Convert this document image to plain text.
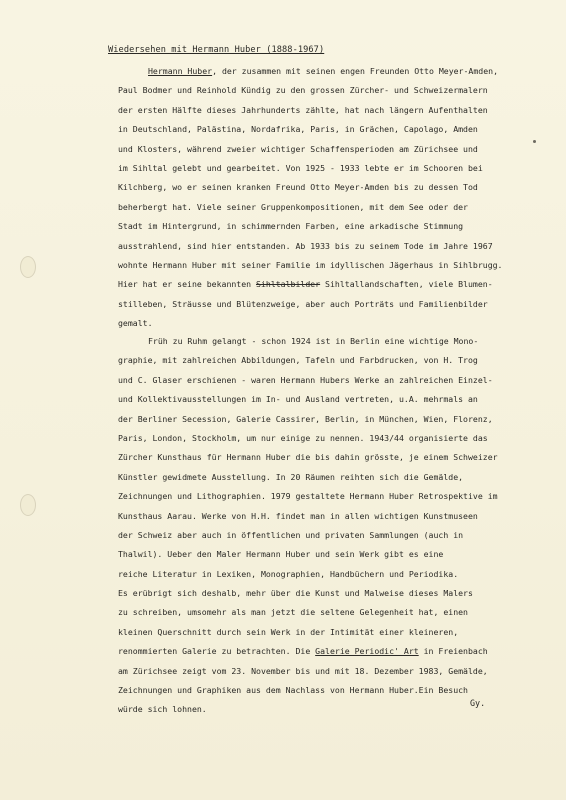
Wiedersehen mit Hermann Huber (1888-1967)
Hermann Huber, der zusammen mit seinen engen Freunden Otto Meyer-Amden,
Paul Bodmer und Reinhold Kündig zu den grossen Zürcher- und Schweizermalern
der ersten Hälfte dieses Jahrhunderts zählte, hat nach längern Aufenthalten
in Deutschland, Palästina, Nordafrika, Paris, in Grächen, Capolago, Amden
und Klosters, während zweier wichtiger Schaffensperioden am Zürichsee und
im Sihltal gelebt und gearbeitet. Von 1925 - 1933 lebte er im Schooren bei
Kilchberg, wo er seinen kranken Freund Otto Meyer-Amden bis zu dessen Tod
beherbergt hat. Viele seiner Gruppenkompositionen, mit dem See oder der
Stadt im Hintergrund, in schimmernden Farben, eine arkadische Stimmung
ausstrahlend, sind hier entstanden. Ab 1933 bis zu seinem Tode im Jahre 1967
wohnte Hermann Huber mit seiner Familie im idyllischen Jägerhaus in Sihlbrugg.
Hier hat er seine bekannten Sihltalbilder Sihltallandschaften, viele Blumen-
stilleben, Sträusse und Blütenzweige, aber auch Porträts und Familienbilder
gemalt.
Früh zu Ruhm gelangt - schon 1924 ist in Berlin eine wichtige Mono-
graphie, mit zahlreichen Abbildungen, Tafeln und Farbdrucken, von H. Trog
und C. Glaser erschienen - waren Hermann Hubers Werke an zahlreichen Einzel-
und Kollektivausstellungen im In- und Ausland vertreten, u.A. mehrmals an
der Berliner Secession, Galerie Cassirer, Berlin, in München, Wien, Florenz,
Paris, London, Stockholm, um nur einige zu nennen. 1943/44 organisierte das
Zürcher Kunsthaus für Hermann Huber die bis dahin grösste, je einem Schweizer
Künstler gewidmete Ausstellung. In 20 Räumen reihten sich die Gemälde,
Zeichnungen und Lithographien. 1979 gestaltete Hermann Huber Retrospektive im
Kunsthaus Aarau. Werke von H.H. findet man in allen wichtigen Kunstmuseen
der Schweiz aber auch in öffentlichen und privaten Sammlungen (auch in
Thalwil). Ueber den Maler Hermann Huber und sein Werk gibt es eine
reiche Literatur in Lexiken, Monographien, Handbüchern und Periodika.
Es erübrigt sich deshalb, mehr über die Kunst und Malweise dieses Malers
zu schreiben, umsomehr als man jetzt die seltene Gelegenheit hat, einen
kleinen Querschnitt durch sein Werk in der Intimität einer kleineren,
renommierten Galerie zu betrachten. Die Galerie Periodic' Art in Freienbach
am Zürichsee zeigt vom 23. November bis und mit 18. Dezember 1983, Gemälde,
Zeichnungen und Graphiken aus dem Nachlass von Hermann Huber.Ein Besuch
würde sich lohnen.
Gy.
